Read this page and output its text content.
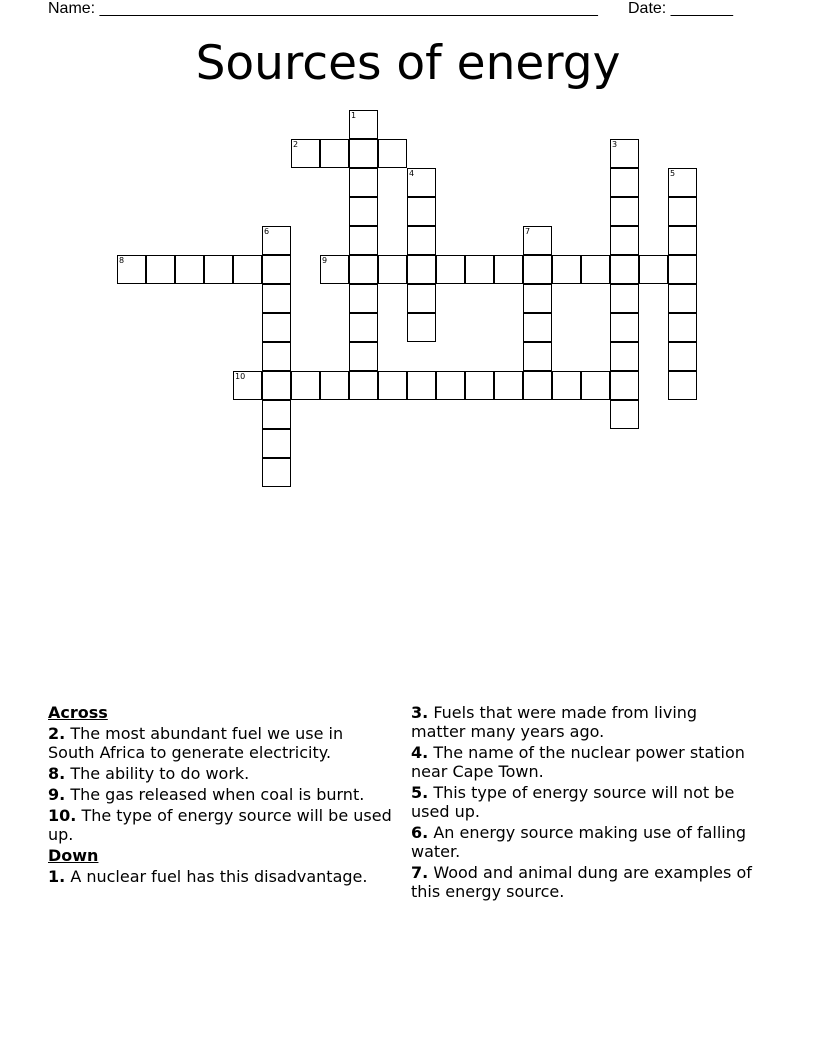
Name: ________________________________________________________ Date: _______
Sources of energy
1
2	3
4	5
6	7
8	9
10
Across
2. The most abundant fuel we use in South Africa to generate electricity.
8. The ability to do work.
9. The gas released when coal is burnt.
10. The type of energy source will be used up.
Down
1. A nuclear fuel has this disadvantage.
3. Fuels that were made from living matter many years ago.
4. The name of the nuclear power station near Cape Town.
5. This type of energy source will not be used up.
6. An energy source making use of falling water.
7. Wood and animal dung are examples of this energy source.
